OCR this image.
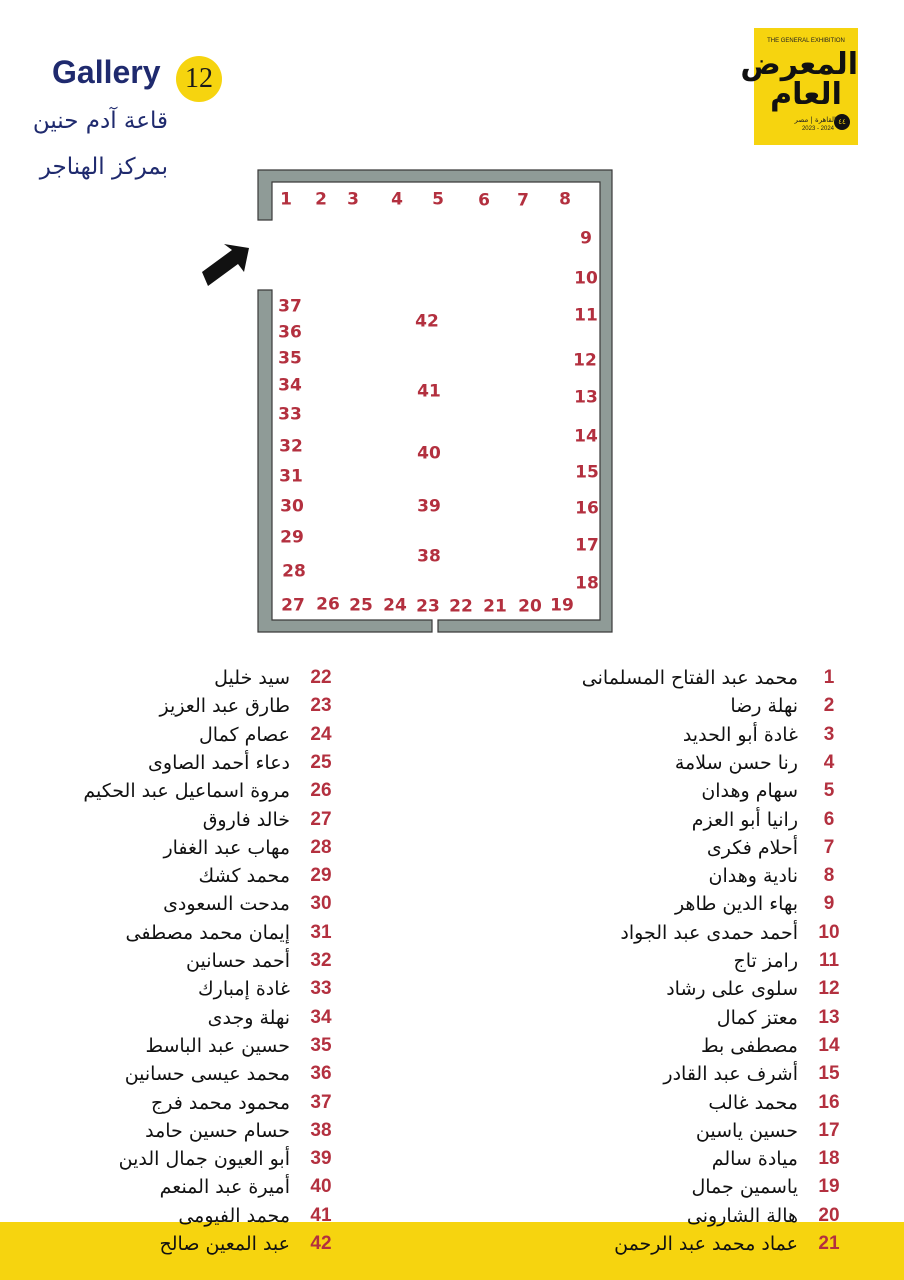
Gallery 12
قاعة آدم حنين
بمركز الهناجر
THE GENERAL EXHIBITION
المعرض
العام
٤٤
القاهرة | مصر
2023 - 2024
1 2 3 4 5 6 7 8
9
10
11
12
13
14
15
16
17
18
19
20
21
22
23
24
25
26
27
28
29
30
31
32
33
34
35
36
37
38
39
40
41
42
1
محمد عبد الفتاح المسلمانى
2
نهلة رضا
3
غادة أبو الحديد
4
رنا حسن سلامة
5
سهام وهدان
6
رانيا أبو العزم
7
أحلام فكرى
8
نادية وهدان
9
بهاء الدين طاهر
10
أحمد حمدى عبد الجواد
11
رامز تاج
12
سلوى على رشاد
13
معتز كمال
14
مصطفى بط
15
أشرف عبد القادر
16
محمد غالب
17
حسين ياسين
18
ميادة سالم
19
ياسمين جمال
20
هالة الشارونى
21
عماد محمد عبد الرحمن
22
سيد خليل
23
طارق عبد العزيز
24
عصام كمال
25
دعاء أحمد الصاوى
26
مروة اسماعيل عبد الحكيم
27
خالد فاروق
28
مهاب عبد الغفار
29
محمد كشك
30
مدحت السعودى
31
إيمان محمد مصطفى
32
أحمد حسانين
33
غادة إمبارك
34
نهلة وجدى
35
حسين عبد الباسط
36
محمد عيسى حسانين
37
محمود محمد فرج
38
حسام حسين حامد
39
أبو العيون جمال الدين
40
أميرة عبد المنعم
41
محمد الفيومى
42
عبد المعين صالح
